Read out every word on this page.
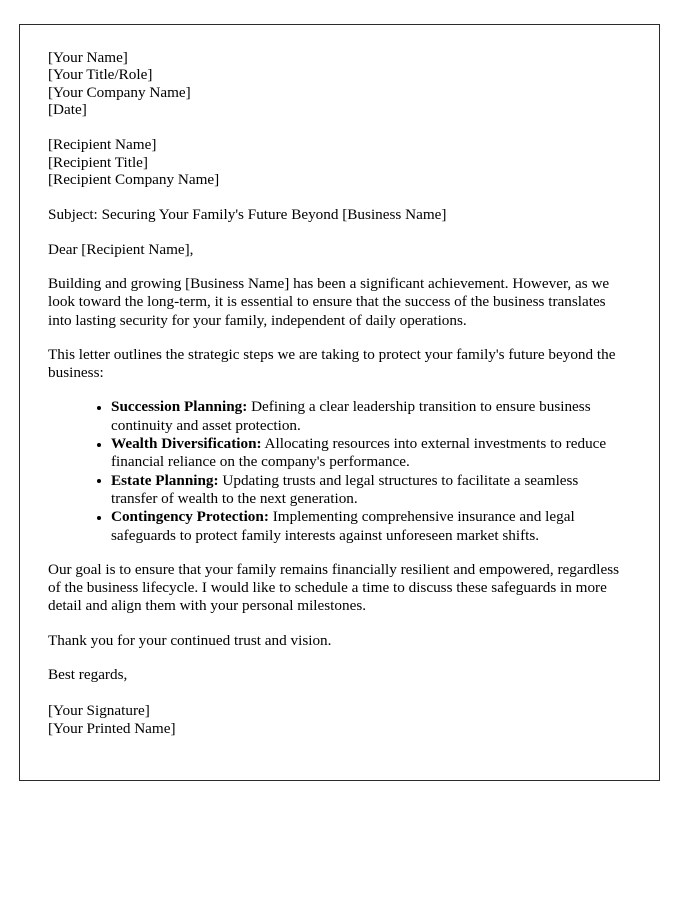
[Your Name]
[Your Title/Role]
[Your Company Name]
[Date]
[Recipient Name]
[Recipient Title]
[Recipient Company Name]

Subject: Securing Your Family's Future Beyond [Business Name]

Dear [Recipient Name],

Building and growing [Business Name] has been a significant achievement. However, as we look toward the long-term, it is essential to ensure that the success of the business translates into lasting security for your family, independent of daily operations.

This letter outlines the strategic steps we are taking to protect your family's future beyond the business:

Succession Planning: Defining a clear leadership transition to ensure business continuity and asset protection.
Wealth Diversification: Allocating resources into external investments to reduce financial reliance on the company's performance.
Estate Planning: Updating trusts and legal structures to facilitate a seamless transfer of wealth to the next generation.
Contingency Protection: Implementing comprehensive insurance and legal safeguards to protect family interests against unforeseen market shifts.

Our goal is to ensure that your family remains financially resilient and empowered, regardless of the business lifecycle. I would like to schedule a time to discuss these safeguards in more detail and align them with your personal milestones.

Thank you for your continued trust and vision.

Best regards,

[Your Signature]
[Your Printed Name]
